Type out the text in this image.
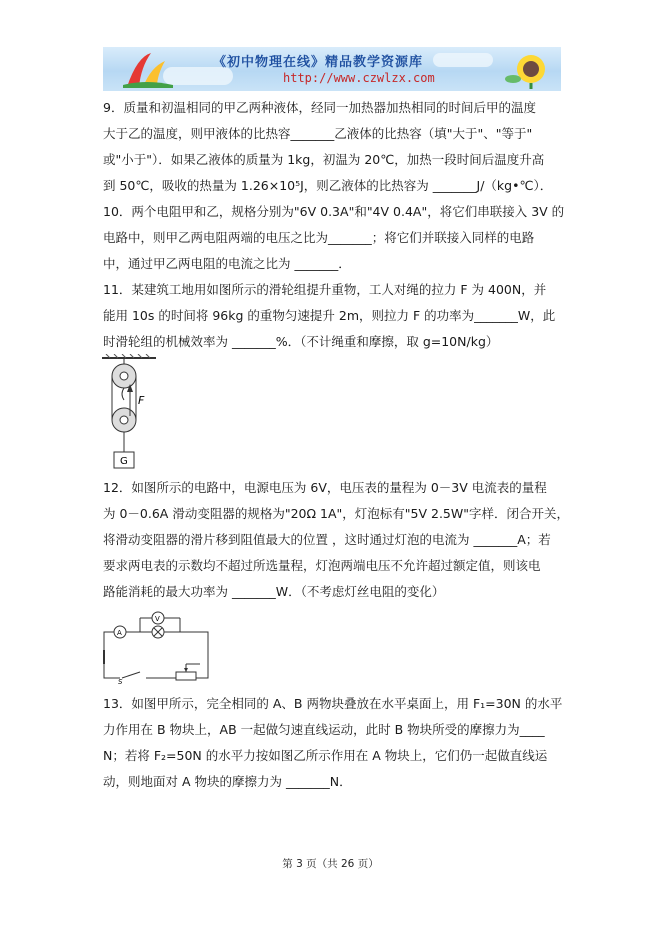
《初中物理在线》精品教学资源库
http://www.czwlzx.com
9．质量和初温相同的甲乙两种液体，经同一加热器加热相同的时间后甲的温度
大于乙的温度，则甲液体的比热容_______乙液体的比热容（填"大于"、"等于"
或"小于"）．如果乙液体的质量为 1kg，初温为 20℃，加热一段时间后温度升高
到 50℃，吸收的热量为 1.26×10⁵J，则乙液体的比热容为 _______J/（kg•℃）．
10．两个电阻甲和乙，规格分别为"6V 0.3A"和"4V 0.4A"，将它们串联接入 3V 的
电路中，则甲乙两电阻两端的电压之比为_______；将它们并联接入同样的电路
中，通过甲乙两电阻的电流之比为 _______．
11．某建筑工地用如图所示的滑轮组提升重物，工人对绳的拉力 F 为 400N，并
能用 10s 的时间将 96kg 的重物匀速提升 2m，则拉力 F 的功率为_______W，此
时滑轮组的机械效率为 _______%．（不计绳重和摩擦，取 g=10N/kg）
F
G
12．如图所示的电路中，电源电压为 6V，电压表的量程为 0－3V 电流表的量程
为 0－0.6A 滑动变阻器的规格为"20Ω 1A"，灯泡标有"5V 2.5W"字样．闭合开关，
将滑动变阻器的滑片移到阻值最大的位置 ，这时通过灯泡的电流为 _______A；若
要求两电表的示数均不超过所选量程，灯泡两端电压不允许超过额定值，则该电
路能消耗的最大功率为 _______W．（不考虑灯丝电阻的变化）
A
V
S
13．如图甲所示，完全相同的 A、B 两物块叠放在水平桌面上，用 F₁=30N 的水平
力作用在 B 物块上，AB 一起做匀速直线运动，此时 B 物块所受的摩擦力为____
N；若将 F₂=50N 的水平力按如图乙所示作用在 A 物块上，它们仍一起做直线运
动，则地面对 A 物块的摩擦力为 _______N．
第 3 页（共 26 页）
